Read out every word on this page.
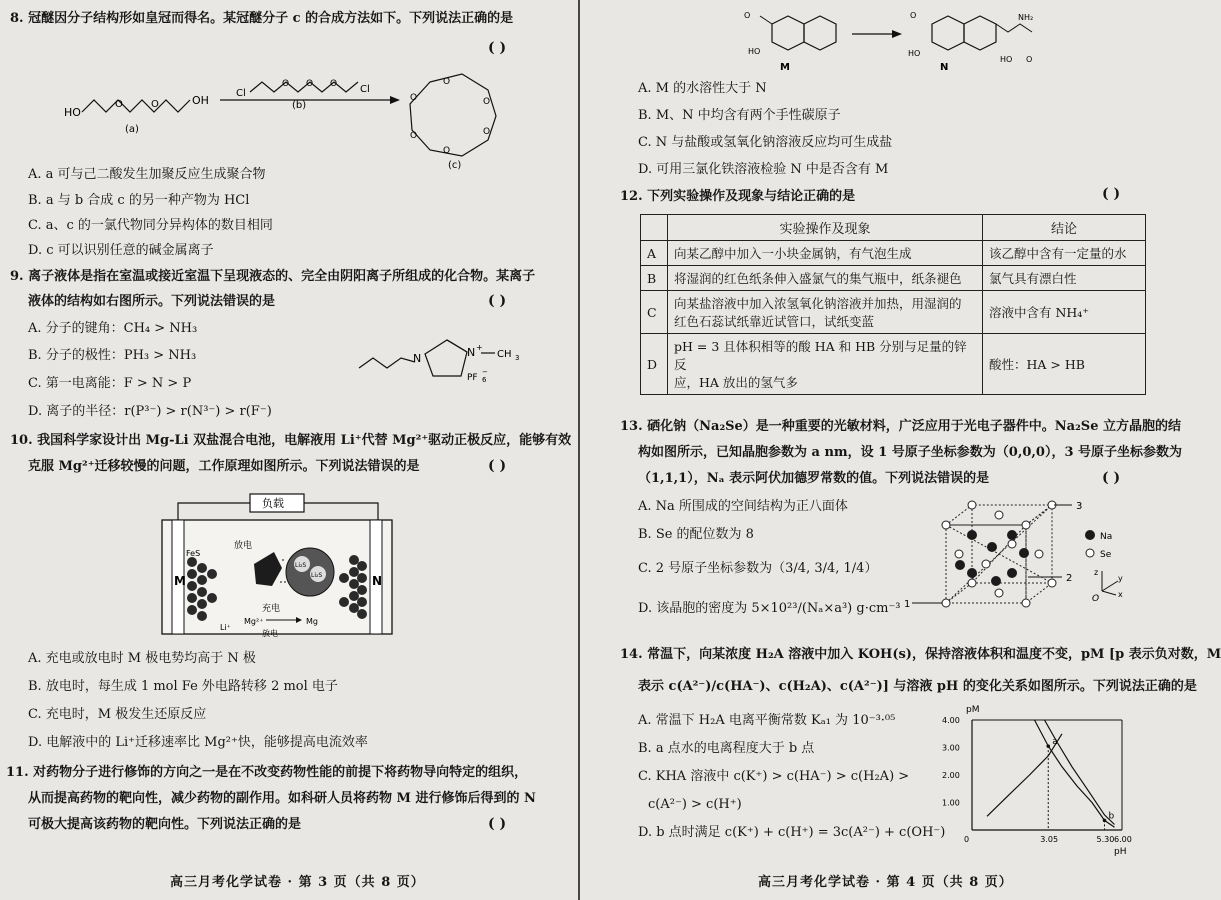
8. 冠醚因分子结构形如皇冠而得名。某冠醚分子 c 的合成方法如下。下列说法正确的是
( )
HO
O	O	OH
(a)
Cl
O O O Cl
(b)
O
O
O
O
O
O
(c)
A. a 可与己二酸发生加聚反应生成聚合物
B. a 与 b 合成 c 的另一种产物为 HCl
C. a、c 的一氯代物同分异构体的数目相同
D. c 可以识别任意的碱金属离子
9. 离子液体是指在室温或接近室温下呈现液态的、完全由阴阳离子所组成的化合物。某离子
液体的结构如右图所示。下列说法错误的是	( )
N	N +
CH 3
PF 6
−
A. 分子的键角：CH₄ > NH₃
B. 分子的极性：PH₃ > NH₃
C. 第一电离能：F > N > P
D. 离子的半径：r(P³⁻) > r(N³⁻) > r(F⁻)
10. 我国科学家设计出 Mg-Li 双盐混合电池，电解液用 Li⁺代替 Mg²⁺驱动正极反应，能够有效
克服 Mg²⁺迁移较慢的问题，工作原理如图所示。下列说法错误的是	( )
负载
M	N
FeS
Li⁺
放电
Li₂S
Li₂S
充电
Mg²⁺	Mg
放电
A. 充电或放电时 M 极电势均高于 N 极
B. 放电时，每生成 1 mol Fe 外电路转移 2 mol 电子
C. 充电时，M 极发生还原反应
D. 电解液中的 Li⁺迁移速率比 Mg²⁺快，能够提高电流效率
11. 对药物分子进行修饰的方向之一是在不改变药物性能的前提下将药物导向特定的组织，
从而提高药物的靶向性，减少药物的副作用。如科研人员将药物 M 进行修饰后得到的 N
可极大提高该药物的靶向性。下列说法正确的是	( )
高三月考化学试卷 · 第 3 页（共 8 页）
O
HO
M
NH₂
O
HO
HO O
N
A. M 的水溶性大于 N
B. M、N 中均含有两个手性碳原子
C. N 与盐酸或氢氧化钠溶液反应均可生成盐
D. 可用三氯化铁溶液检验 N 中是否含有 M
12. 下列实验操作及现象与结论正确的是	( )
	实验操作及现象	结论
A	向某乙醇中加入一小块金属钠，有气泡生成	该乙醇中含有一定量的水
B	将湿润的红色纸条伸入盛氯气的集气瓶中，纸条褪色	氯气具有漂白性
C	向某盐溶液中加入浓氢氧化钠溶液并加热，用湿润的
红色石蕊试纸靠近试管口，试纸变蓝	溶液中含有 NH₄⁺
D	pH = 3 且体积相等的酸 HA 和 HB 分别与足量的锌反
应，HA 放出的氢气多	酸性：HA > HB
13. 硒化钠（Na₂Se）是一种重要的光敏材料，广泛应用于光电子器件中。Na₂Se 立方晶胞的结
构如图所示，已知晶胞参数为 a nm，设 1 号原子坐标参数为（0,0,0），3 号原子坐标参数为
（1,1,1），Nₐ 表示阿伏加德罗常数的值。下列说法错误的是	( )
A. Na 所围成的空间结构为正八面体
B. Se 的配位数为 8
C. 2 号原子坐标参数为（3/4, 3/4, 1/4）
D. 该晶胞的密度为 5×10²³/(Nₐ×a³) g·cm⁻³ 1
2
3
Na
Se
z
y
x
O
14. 常温下，向某浓度 H₂A 溶液中加入 KOH(s)，保持溶液体积和温度不变，pM [p 表示负对数，M
表示 c(A²⁻)/c(HA⁻)、c(H₂A)、c(A²⁻)] 与溶液 pH 的变化关系如图所示。下列说法正确的是
A. 常温下 H₂A 电离平衡常数 Kₐ₁ 为 10⁻³·⁰⁵
B. a 点水的电离程度大于 b 点
C. KHA 溶液中 c(K⁺) > c(HA⁻) > c(H₂A) >
c(A²⁻) > c(H⁺)
D. b 点时满足 c(K⁺) + c(H⁺) = 3c(A²⁻) + c(OH⁻)
pM
pH
1.00
2.00
3.00
4.00
0	3.05	5.30 6.00
a
b
高三月考化学试卷 · 第 4 页（共 8 页）
